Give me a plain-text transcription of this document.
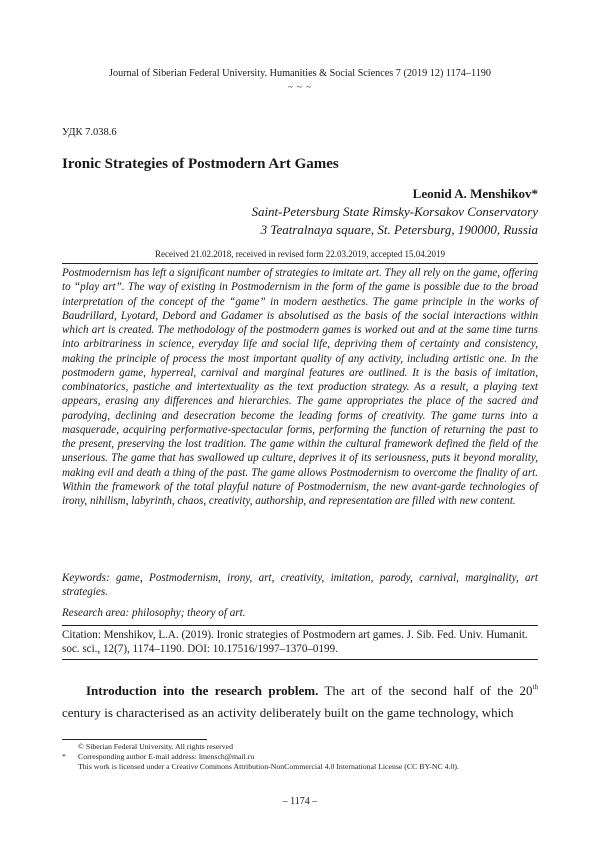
Journal of Siberian Federal University. Humanities & Social Sciences 7 (2019 12) 1174–1190
~ ~ ~
УДК 7.038.6
Ironic Strategies of Postmodern Art Games
Leonid A. Menshikov*
Saint-Petersburg State Rimsky-Korsakov Conservatory
3 Teatralnaya square, St. Petersburg, 190000, Russia
Received 21.02.2018, received in revised form 22.03.2019, accepted 15.04.2019

Postmodernism has left a significant number of strategies to imitate art. They all rely on the game, offering to “play art”. The way of existing in Postmodernism in the form of the game is possible due to the broad interpretation of the concept of the “game” in modern aesthetics. The game principle in the works of Baudrillard, Lyotard, Debord and Gadamer is absolutised as the basis of the social interactions within which art is created. The methodology of the postmodern games is worked out and at the same time turns into arbitrariness in science, everyday life and social life, depriving them of certainty and consistency, making the principle of process the most important quality of any activity, including artistic one. In the postmodern game, hyperreal, carnival and marginal features are outlined. It is the basis of imitation, combinatorics, pastiche and intertextuality as the text production strategy. As a result, a playing text appears, erasing any differences and hierarchies. The game appropriates the place of the sacred and parodying, declining and desecration become the leading forms of creativity. The game turns into a masquerade, acquiring performative-spectacular forms, performing the function of returning the past to the present, preserving the lost tradition. The game within the cultural framework defined the field of the unserious. The game that has swallowed up culture, deprives it of its seriousness, puts it beyond morality, making evil and death a thing of the past. The game allows Postmodernism to overcome the finality of art. Within the framework of the total playful nature of Postmodernism, the new avant-garde technologies of irony, nihilism, labyrinth, chaos, creativity, authorship, and representation are filled with new content.

Keywords: game, Postmodernism, irony, art, creativity, imitation, parody, carnival, marginality, art strategies.

Research area: philosophy; theory of art.
Citation: Menshikov, L.A. (2019). Ironic strategies of Postmodern art games. J. Sib. Fed. Univ. Humanit. soc. sci., 12(7), 1174–1190. DOI: 10.17516/1997–1370–0199.

Introduction into the research problem. The art of the second half of the 20th century is characterised as an activity deliberately built on the game technology, which

© Siberian Federal University. All rights reserved
* Corresponding author E-mail address: lmensch@mail.ru
This work is licensed under a Creative Commons Attribution-NonCommercial 4.0 International License (CC BY-NC 4.0).
– 1174 –
